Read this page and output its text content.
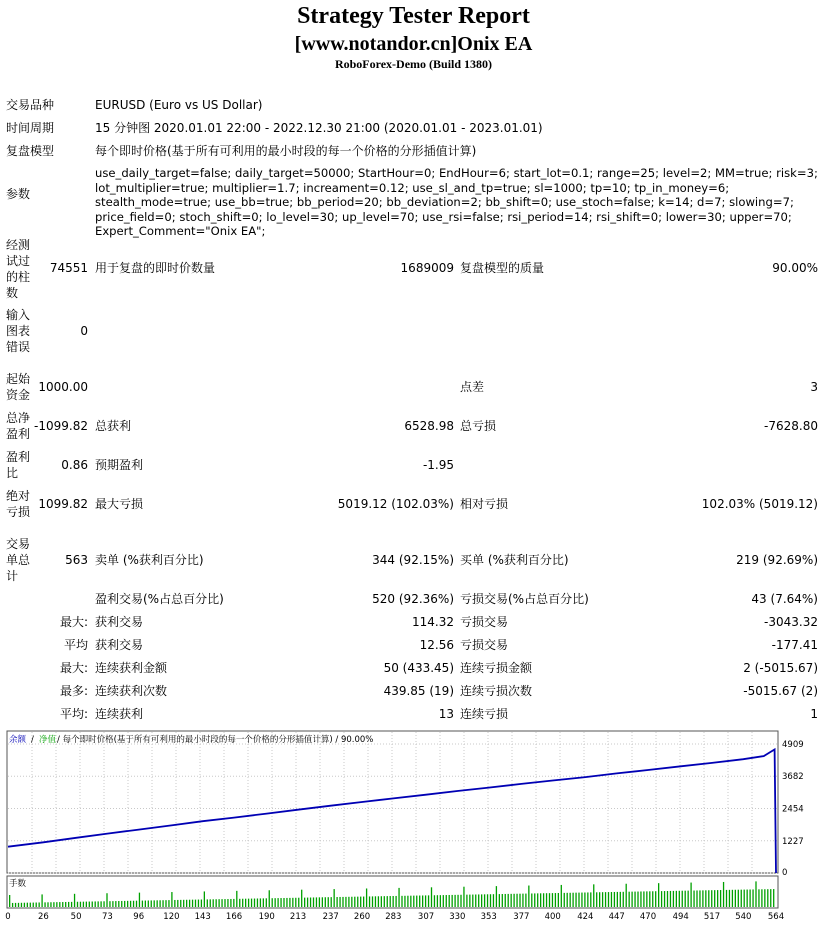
Strategy Tester Report
[www.notandor.cn]Onix EA
RoboForex-Demo (Build 1380)
交易品种	EURUSD (Euro vs US Dollar)
时间周期	15 分钟图 2020.01.01 22:00 - 2022.12.30 21:00 (2020.01.01 - 2023.01.01)
复盘模型	每个即时价格(基于所有可利用的最小时段的每一个价格的分形插值计算)
参数
use_daily_target=false; daily_target=50000; StartHour=0; EndHour=6; start_lot=0.1; range=25; level=2; MM=true; risk=3; lot_multiplier=true; multiplier=1.7; increament=0.12; use_sl_and_tp=true; sl=1000; tp=10; tp_in_money=6; stealth_mode=true; use_bb=true; bb_period=20; bb_deviation=2; bb_shift=0; use_stoch=false; k=14; d=7; slowing=7; price_field=0; stoch_shift=0; lo_level=30; up_level=70; use_rsi=false; rsi_period=14; rsi_shift=0; lower=30; upper=70; Expert_Comment="Onix EA";
经测试过的柱数
74551 用于复盘的即时价数量	1689009 复盘模型的质量	90.00%
输入图表错误
0
起始资金
1000.00	点差	3
总净盈利
-1099.82 总获利	6528.98 总亏损	-7628.80
盈利比
0.86 预期盈利	-1.95
绝对亏损
1099.82 最大亏损	5019.12 (102.03%) 相对亏损	102.03% (5019.12)
交易单总计
563 卖单 (%获利百分比)	344 (92.15%) 买单 (%获利百分比)	219 (92.69%)
盈利交易(%占总百分比)	520 (92.36%) 亏损交易(%占总百分比)	43 (7.64%)
最大: 获利交易	114.32 亏损交易	-3043.32
平均 获利交易	12.56 亏损交易	-177.41
最大: 连续获利金额	50 (433.45) 连续亏损金额	2 (-5015.67)
最多: 连续获利次数	439.85 (19) 连续亏损次数	-5015.67 (2)
平均: 连续获利	13 连续亏损	1
余额 / 净值 / 每个即时价格(基于所有可利用的最小时段的每一个价格的分形插值计算) / 90.00%	4909
3682
2454
1227
0
手数
0	26	50 73 96 120 143 166 190 213 237 260 283 307 330 353 377 400 424 447 470 494 517 540 564
